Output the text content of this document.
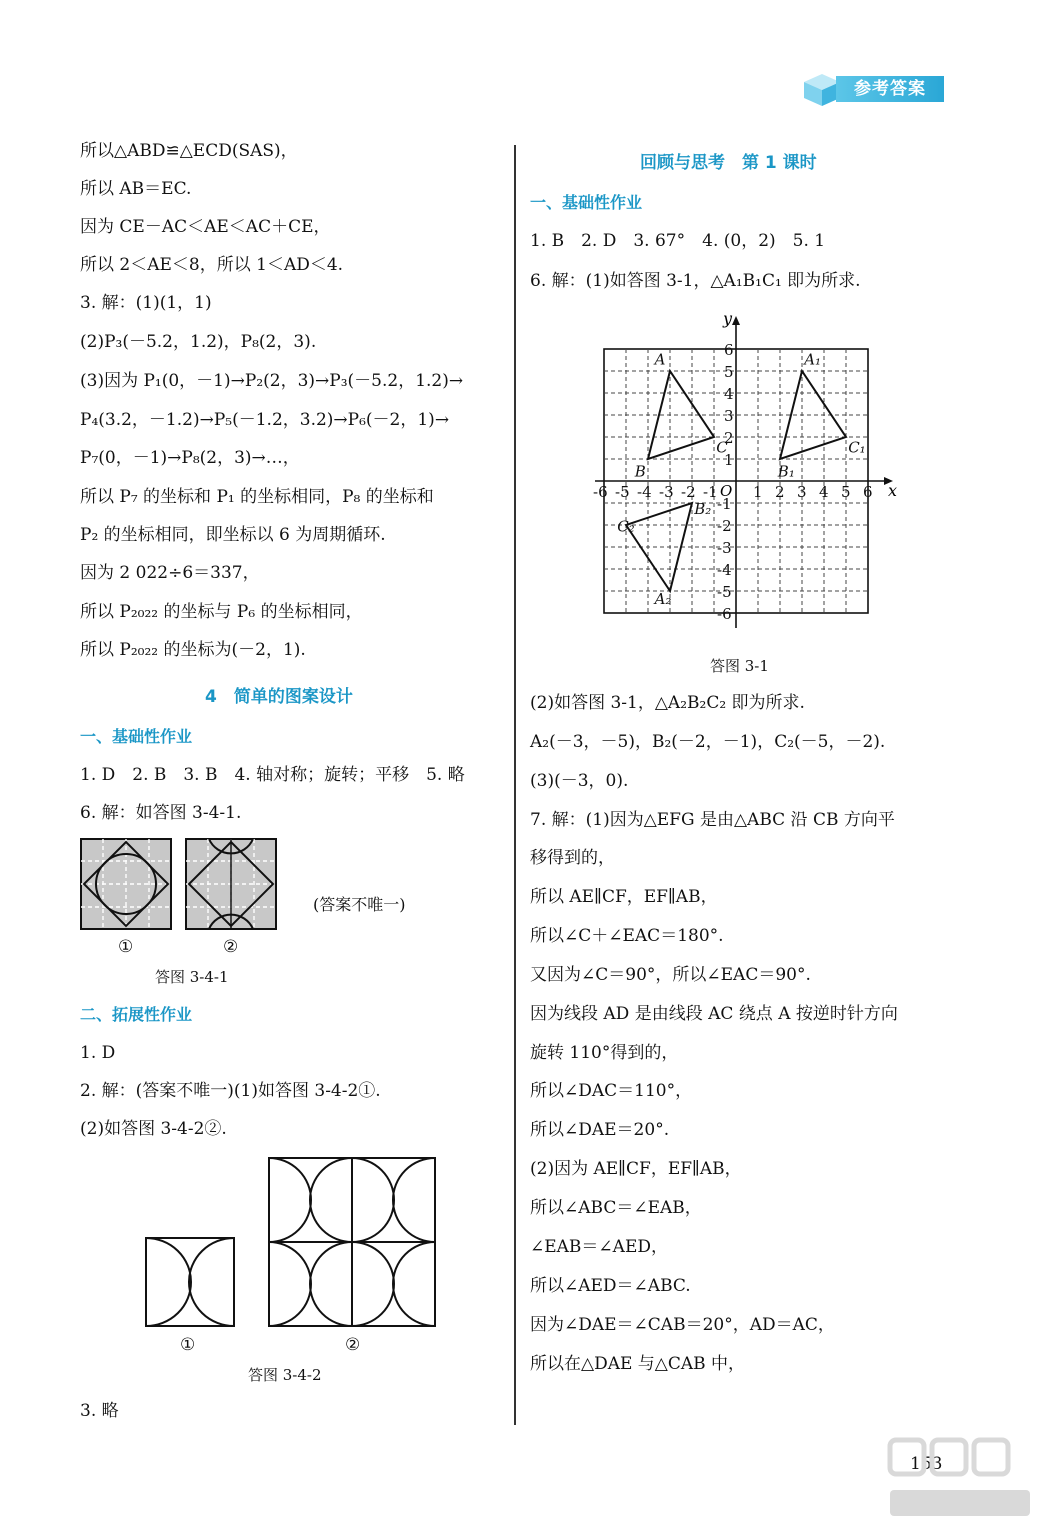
参考答案
所以△ABD≌△ECD(SAS)，
所以 AB＝EC.
因为 CE－AC＜AE＜AC＋CE，
所以 2＜AE＜8，所以 1＜AD＜4.
3. 解：(1)(1，1)
(2)P₃(－5.2，1.2)，P₈(2，3).
(3)因为 P₁(0，－1)→P₂(2，3)→P₃(－5.2，1.2)→
P₄(3.2，－1.2)→P₅(－1.2，3.2)→P₆(－2，1)→
P₇(0，－1)→P₈(2，3)→…，
所以 P₇ 的坐标和 P₁ 的坐标相同，P₈ 的坐标和
P₂ 的坐标相同，即坐标以 6 为周期循环.
因为 2 022÷6＝337，
所以 P₂₀₂₂ 的坐标与 P₆ 的坐标相同，
所以 P₂₀₂₂ 的坐标为(－2，1).
4　简单的图案设计
一、基础性作业
1. D　2. B　3. B　4. 轴对称；旋转；平移　5. 略
6. 解：如答图 3-4-1.
(答案不唯一)
①	②
答图 3-4-1
二、拓展性作业
1. D
2. 解：(答案不唯一)(1)如答图 3-4-2①.
(2)如答图 3-4-2②.
①	②
答图 3-4-2
3. 略
回顾与思考　第 1 课时
一、基础性作业
1. B　2. D　3. 67°　4. (0，2)　5. 1
6. 解：(1)如答图 3-1，△A₁B₁C₁ 即为所求.
-6 -5 -4 -3 -2 -1 1 2 3 4 5 6
6
5
4
3
2
1
-1
-2
-3
-4
-5
-6
A
B
C
A₁
B₁
C₁
A₂
B₂
C₂
y
x
O
答图 3-1
(2)如答图 3-1，△A₂B₂C₂ 即为所求.
A₂(－3，－5)，B₂(－2，－1)，C₂(－5，－2).
(3)(－3，0).
7. 解：(1)因为△EFG 是由△ABC 沿 CB 方向平
移得到的，
所以 AE∥CF，EF∥AB，
所以∠C＋∠EAC＝180°.
又因为∠C＝90°，所以∠EAC＝90°.
因为线段 AD 是由线段 AC 绕点 A 按逆时针方向
旋转 110°得到的，
所以∠DAC＝110°，
所以∠DAE＝20°.
(2)因为 AE∥CF，EF∥AB，
所以∠ABC＝∠EAB，
∠EAB＝∠AED，
所以∠AED＝∠ABC.
因为∠DAE＝∠CAB＝20°，AD＝AC，
所以在△DAE 与△CAB 中，
153
